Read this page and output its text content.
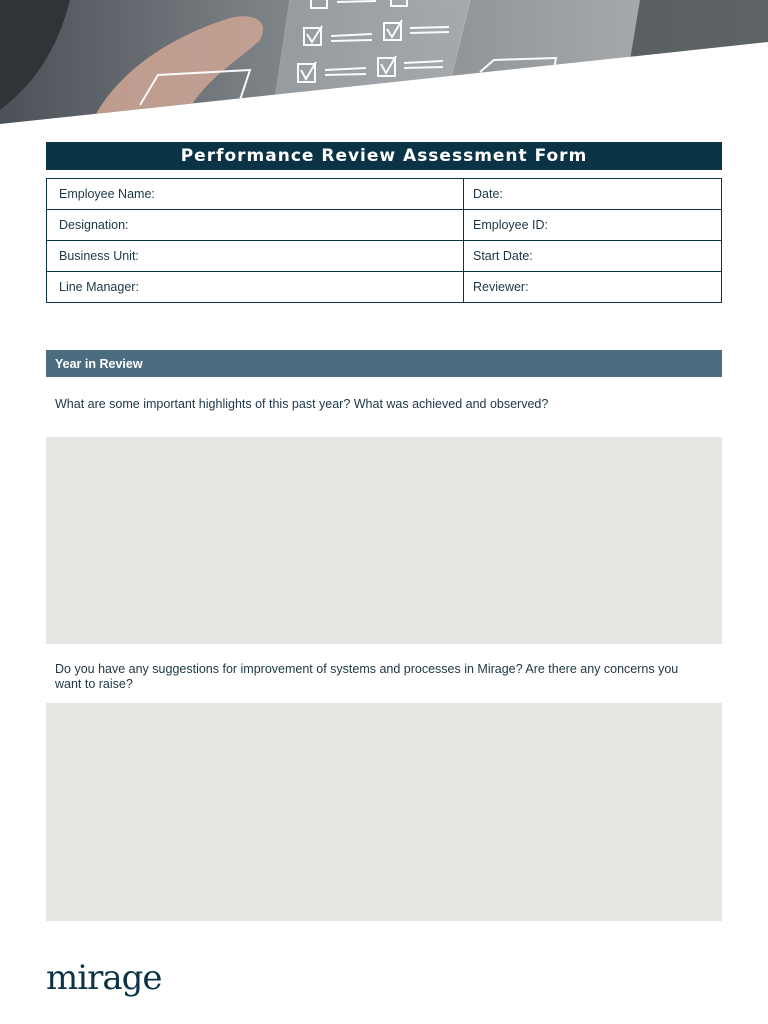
Performance Review Assessment Form
Employee Name:	Date:
Designation:	Employee ID:
Business Unit:	Start Date:
Line Manager:	Reviewer:
Year in Review
What are some important highlights of this past year? What was achieved and observed?
Do you have any suggestions for improvement of systems and processes in Mirage? Are there any concerns you want to raise?
mirage
